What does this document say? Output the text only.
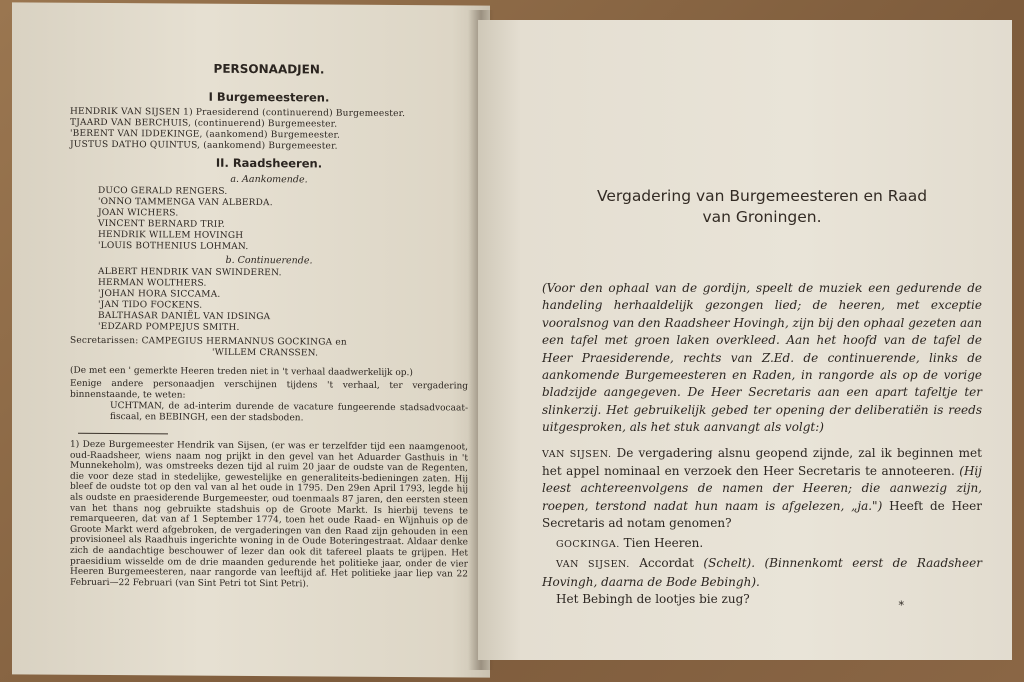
PERSONAADJEN.
I Burgemeesteren.
HENDRIK VAN SIJSEN 1) Praesiderend (continuerend) Burgemeester.
TJAARD VAN BERCHUIS, (continuerend) Burgemeester.
'BERENT VAN IDDEKINGE, (aankomend) Burgemeester.
JUSTUS DATHO QUINTUS, (aankomend) Burgemeester.
II. Raadsheeren.
a. Aankomende.
DUCO GERALD RENGERS.
'ONNO TAMMENGA VAN ALBERDA.
JOAN WICHERS.
VINCENT BERNARD TRIP.
HENDRIK WILLEM HOVINGH
'LOUIS BOTHENIUS LOHMAN.
b. Continuerende.
ALBERT HENDRIK VAN SWINDEREN.
HERMAN WOLTHERS.
'JOHAN HORA SICCAMA.
'JAN TIDO FOCKENS.
BALTHASAR DANIËL VAN IDSINGA
'EDZARD POMPEJUS SMITH.
Secretarissen: CAMPEGIUS HERMANNUS GOCKINGA en
'WILLEM CRANSSEN.
(De met een ' gemerkte Heeren treden niet in 't verhaal daadwerkelijk op.)
Eenige andere personaadjen verschijnen tijdens 't verhaal, ter vergadering binnenstaande, te weten:
UCHTMAN, de ad-interim durende de vacature fungeerende stadsadvocaat-fiscaal, en BEBINGH, een der stadsboden.
1) Deze Burgemeester Hendrik van Sijsen, (er was er terzelfder tijd een naamgenoot, oud-Raadsheer, wiens naam nog prijkt in den gevel van het Aduarder Gasthuis in 't Munnekeholm), was omstreeks dezen tijd al ruim 20 jaar de oudste van de Regenten, die voor deze stad in stedelijke, gewestelijke en generaliteits-bedieningen zaten. Hij bleef de oudste tot op den val van al het oude in 1795. Den 29en April 1793, legde hij als oudste en praesiderende Burgemeester, oud toenmaals 87 jaren, den eersten steen van het thans nog gebruikte stadshuis op de Groote Markt. Is hierbij tevens te remarqueeren, dat van af 1 September 1774, toen het oude Raad- en Wijnhuis op de Groote Markt werd afgebroken, de vergaderingen van den Raad zijn gehouden in een provisioneel als Raadhuis ingerichte woning in de Oude Boteringestraat. Aldaar denke zich de aandachtige beschouwer of lezer dan ook dit tafereel plaats te grijpen. Het praesidium wisselde om de drie maanden gedurende het politieke jaar, onder de vier Heeren Burgemeesteren, naar rangorde van leeftijd af. Het politieke jaar liep van 22 Februari—22 Februari (van Sint Petri tot Sint Petri).
Vergadering van Burgemeesteren en Raad
van Groningen.
(Voor den ophaal van de gordijn, speelt de muziek een gedurende de handeling herhaaldelijk gezongen lied; de heeren, met exceptie vooralsnog van den Raadsheer Hovingh, zijn bij den ophaal gezeten aan een tafel met groen laken overkleed. Aan het hoofd van de tafel de Heer Praesiderende, rechts van Z.Ed. de continuerende, links de aankomende Burgemeesteren en Raden, in rangorde als op de vorige bladzijde aangegeven. De Heer Secretaris aan een apart tafeltje ter slinkerzij. Het gebruikelijk gebed ter opening der deliberatiën is reeds uitgesproken, als het stuk aanvangt als volgt:)
VAN SIJSEN. De vergadering alsnu geopend zijnde, zal ik beginnen met het appel nominaal en verzoek den Heer Secretaris te annoteeren. (Hij leest achtereenvolgens de namen der Heeren; die aanwezig zijn, roepen, terstond nadat hun naam is afgelezen, „ja.") Heeft de Heer Secretaris ad notam genomen?
GOCKINGA. Tien Heeren.
VAN SIJSEN. Accordat (Schelt). (Binnenkomt eerst de Raadsheer Hovingh, daarna de Bode Bebingh).
Het Bebingh de lootjes bie zug?	*
